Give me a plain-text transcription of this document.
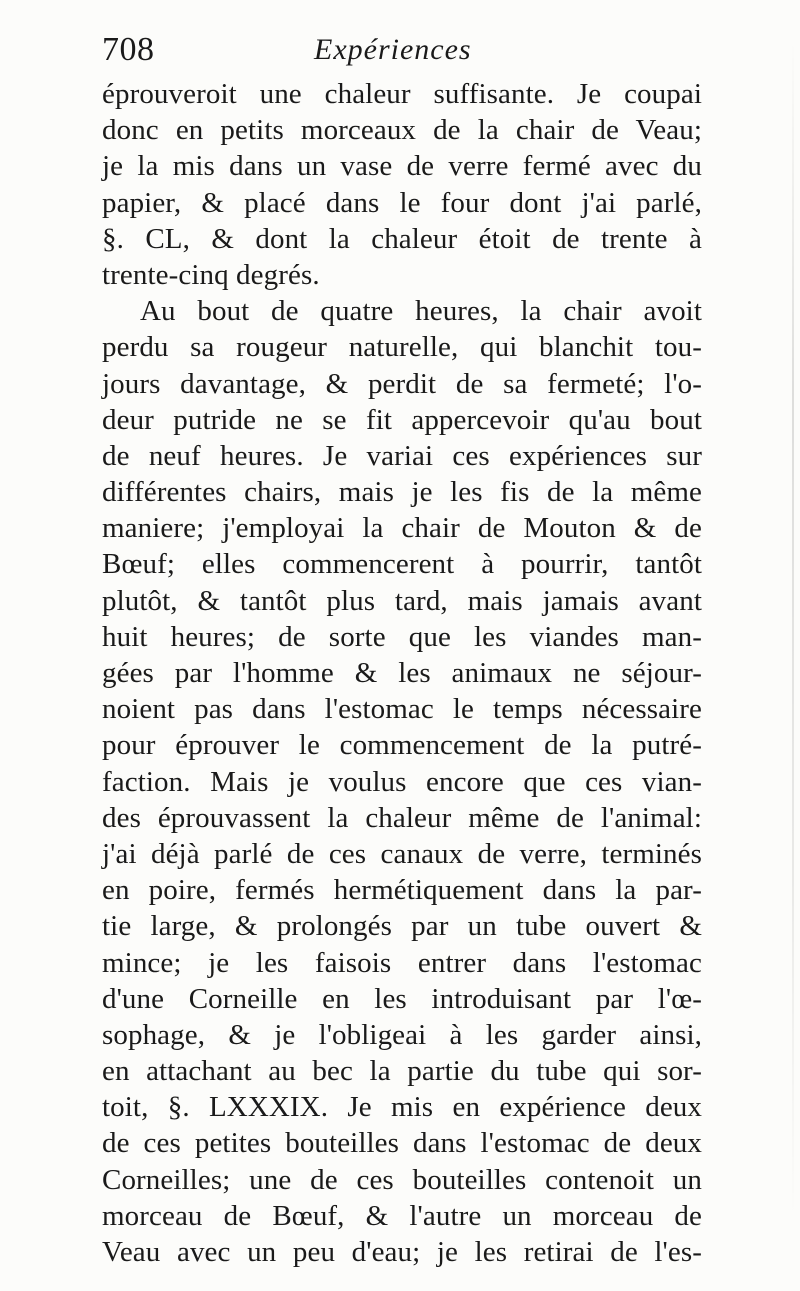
708	Expériences
éprouveroit une chaleur suffisante. Je coupai
donc en petits morceaux de la chair de Veau;
je la mis dans un vase de verre fermé avec du
papier, & placé dans le four dont j'ai parlé,
§. CL, & dont la chaleur étoit de trente à
trente-cinq degrés.
Au bout de quatre heures, la chair avoit
perdu sa rougeur naturelle, qui blanchit tou-
jours davantage, & perdit de sa fermeté; l'o-
deur putride ne se fit appercevoir qu'au bout
de neuf heures. Je variai ces expériences sur
différentes chairs, mais je les fis de la même
maniere; j'employai la chair de Mouton & de
Bœuf; elles commencerent à pourrir, tantôt
plutôt, & tantôt plus tard, mais jamais avant
huit heures; de sorte que les viandes man-
gées par l'homme & les animaux ne séjour-
noient pas dans l'estomac le temps nécessaire
pour éprouver le commencement de la putré-
faction. Mais je voulus encore que ces vian-
des éprouvassent la chaleur même de l'animal:
j'ai déjà parlé de ces canaux de verre, terminés
en poire, fermés hermétiquement dans la par-
tie large, & prolongés par un tube ouvert &
mince; je les faisois entrer dans l'estomac
d'une Corneille en les introduisant par l'œ-
sophage, & je l'obligeai à les garder ainsi,
en attachant au bec la partie du tube qui sor-
toit, §. LXXXIX. Je mis en expérience deux
de ces petites bouteilles dans l'estomac de deux
Corneilles; une de ces bouteilles contenoit un
morceau de Bœuf, & l'autre un morceau de
Veau avec un peu d'eau; je les retirai de l'es-
